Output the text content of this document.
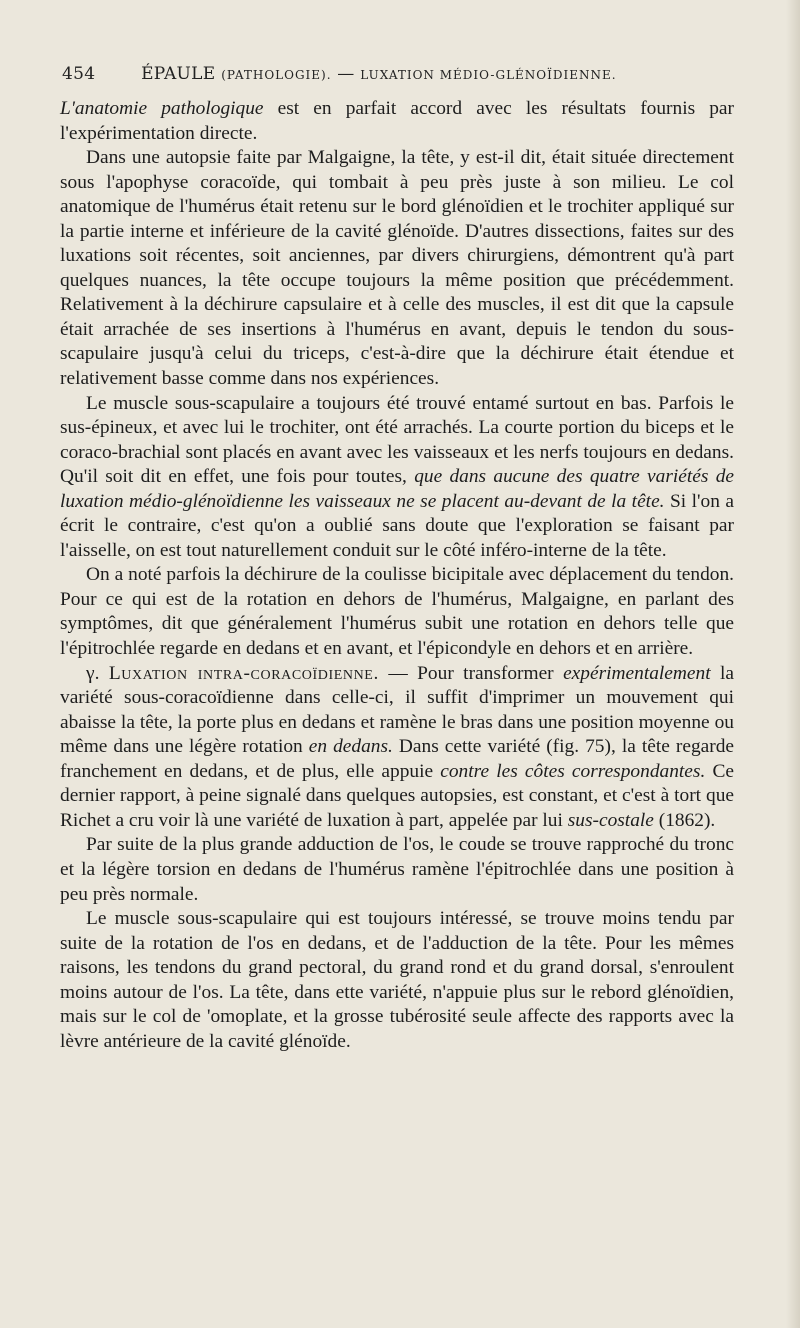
454	ÉPAULE (PATHOLOGIE). — LUXATION MÉDIO-GLÉNOÏDIENNE.

L'anatomie pathologique est en parfait accord avec les résultats fournis par l'expérimentation directe.

Dans une autopsie faite par Malgaigne, la tête, y est-il dit, était située directement sous l'apophyse coracoïde, qui tombait à peu près juste à son milieu. Le col anatomique de l'humérus était retenu sur le bord glénoïdien et le trochiter appliqué sur la partie interne et inférieure de la cavité glénoïde. D'autres dissections, faites sur des luxations soit récentes, soit anciennes, par divers chirurgiens, démontrent qu'à part quelques nuances, la tête occupe toujours la même position que précédemment. Relativement à la déchirure capsulaire et à celle des muscles, il est dit que la capsule était arrachée de ses insertions à l'humérus en avant, depuis le tendon du sous-scapulaire jusqu'à celui du triceps, c'est-à-dire que la déchirure était étendue et relativement basse comme dans nos expériences.

Le muscle sous-scapulaire a toujours été trouvé entamé surtout en bas. Parfois le sus-épineux, et avec lui le trochiter, ont été arrachés. La courte portion du biceps et le coraco-brachial sont placés en avant avec les vaisseaux et les nerfs toujours en dedans. Qu'il soit dit en effet, une fois pour toutes, que dans aucune des quatre variétés de luxation médio-glénoïdienne les vaisseaux ne se placent au-devant de la tête. Si l'on a écrit le contraire, c'est qu'on a oublié sans doute que l'exploration se faisant par l'aisselle, on est tout naturellement conduit sur le côté inféro-interne de la tête.

On a noté parfois la déchirure de la coulisse bicipitale avec déplacement du tendon. Pour ce qui est de la rotation en dehors de l'humérus, Malgaigne, en parlant des symptômes, dit que généralement l'humérus subit une rotation en dehors telle que l'épitrochlée regarde en dedans et en avant, et l'épicondyle en dehors et en arrière.

γ. Luxation intra-coracoïdienne. — Pour transformer expérimentalement la variété sous-coracoïdienne dans celle-ci, il suffit d'imprimer un mouvement qui abaisse la tête, la porte plus en dedans et ramène le bras dans une position moyenne ou même dans une légère rotation en dedans. Dans cette variété (fig. 75), la tête regarde franchement en dedans, et de plus, elle appuie contre les côtes correspondantes. Ce dernier rapport, à peine signalé dans quelques autopsies, est constant, et c'est à tort que Richet a cru voir là une variété de luxation à part, appelée par lui sus-costale (1862).

Par suite de la plus grande adduction de l'os, le coude se trouve rapproché du tronc et la légère torsion en dedans de l'humérus ramène l'épitrochlée dans une position à peu près normale.

Le muscle sous-scapulaire qui est toujours intéressé, se trouve moins tendu par suite de la rotation de l'os en dedans, et de l'adduction de la tête. Pour les mêmes raisons, les tendons du grand pectoral, du grand rond et du grand dorsal, s'enroulent moins autour de l'os. La tête, dans ette variété, n'appuie plus sur le rebord glénoïdien, mais sur le col de 'omoplate, et la grosse tubérosité seule affecte des rapports avec la lèvre antérieure de la cavité glénoïde.
